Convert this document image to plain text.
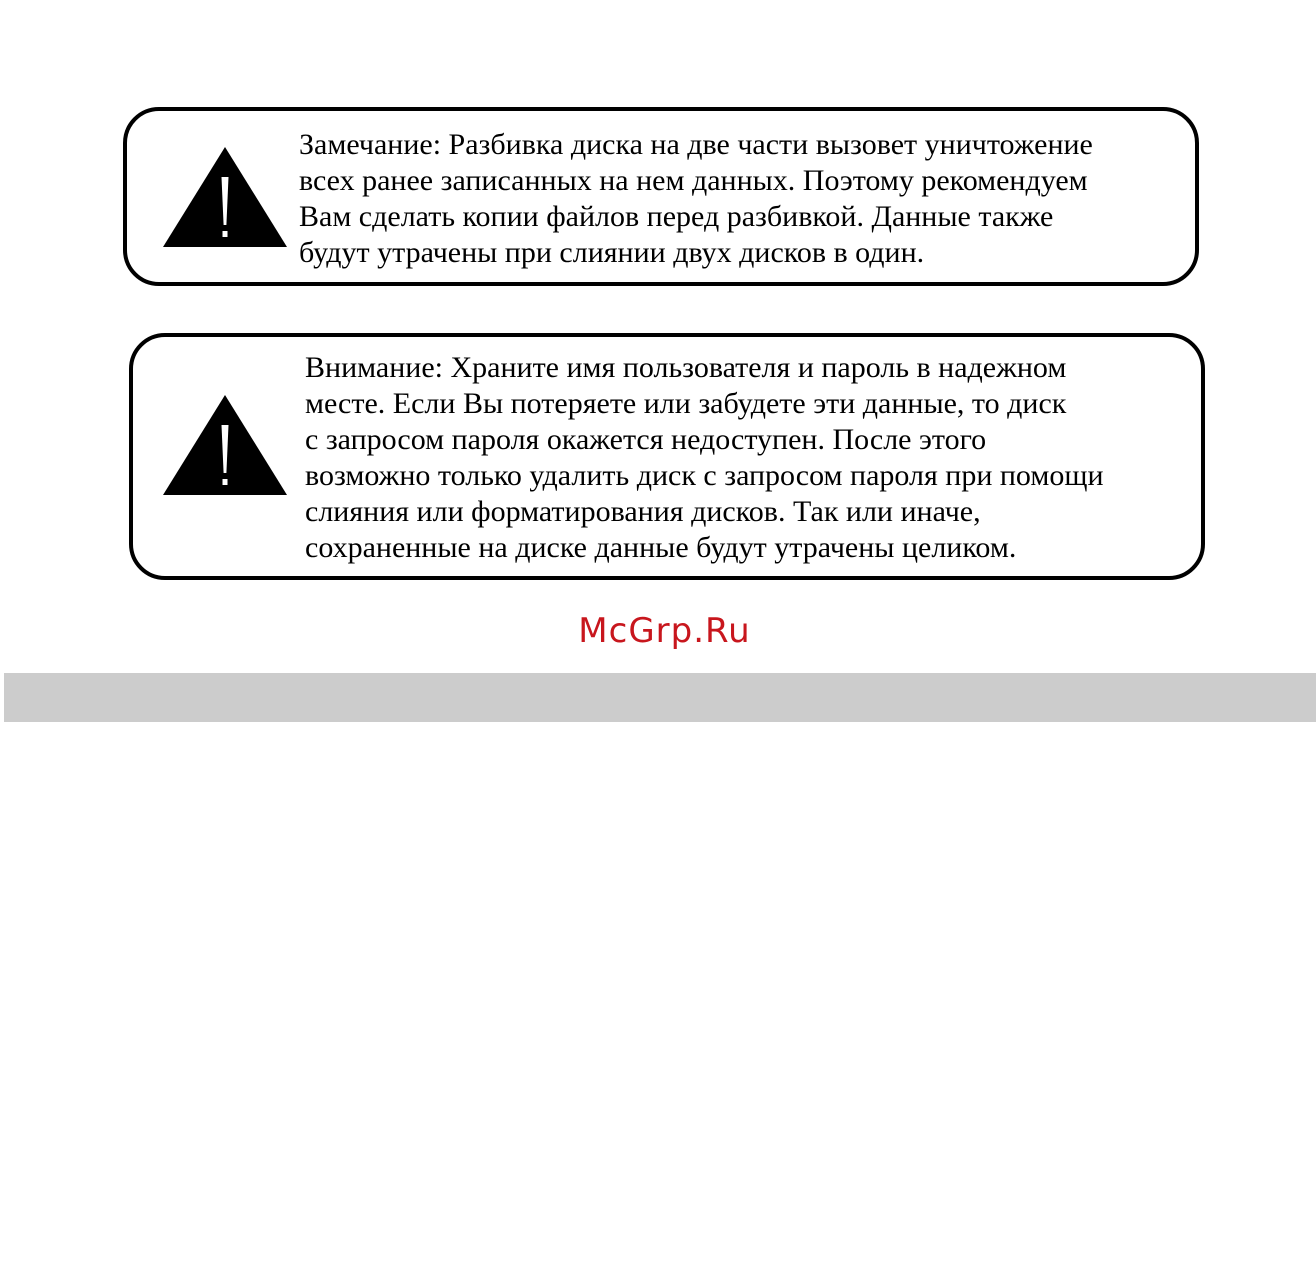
Замечание: Разбивка диска на две части вызовет уничтожение
всех ранее записанных на нем данных. Поэтому рекомендуем
Вам сделать копии файлов перед разбивкой. Данные также
будут утрачены при слиянии двух дисков в один.

Внимание: Храните имя пользователя и пароль в надежном
месте. Если Вы потеряете или забудете эти данные, то диск
с запросом пароля окажется недоступен. После этого
возможно только удалить диск с запросом пароля при помощи
слияния или форматирования дисков. Так или иначе,
сохраненные на диске данные будут утрачены целиком.

McGrp.Ru
